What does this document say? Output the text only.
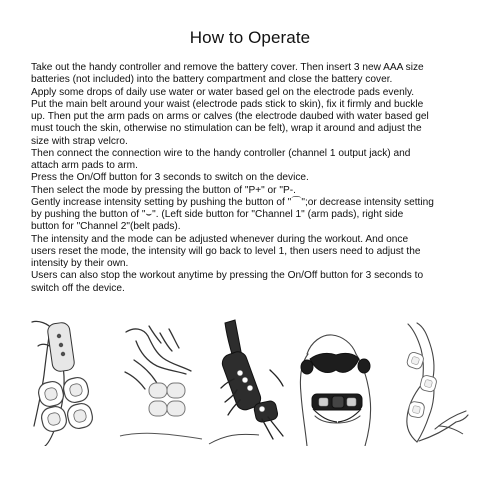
How to Operate
Take out the handy controller and remove the battery cover. Then insert 3 new AAA size
batteries (not included) into the battery compartment and close the battery cover.
Apply some drops of daily use water or water based gel on the electrode pads evenly.
Put the main belt around your waist (electrode pads stick to skin), fix it firmly and buckle
up. Then put the arm pads on arms or calves (the electrode daubed with water based gel
must touch the skin, otherwise no stimulation can be felt), wrap it around and adjust the
size with strap velcro.
Then connect the connection wire to the handy controller (channel 1 output jack) and
attach arm pads to arm.
Press the On/Off button for 3 seconds to switch on the device.
Then select the mode by pressing the button of "P+" or "P-.
Gently increase intensity setting by pushing the button of "⌒";or decrease intensity setting
by pushing the button of "⌣". (Left side button for "Channel 1" (arm pads), right side
button for "Channel 2"(belt pads).
The intensity and the mode can be adjusted whenever during the workout. And once
users reset the mode, the intensity will go back to level 1, then users need to adjust the
intensity by their own.
Users can also stop the workout anytime by pressing the On/Off button for 3 seconds to
switch off the device.
